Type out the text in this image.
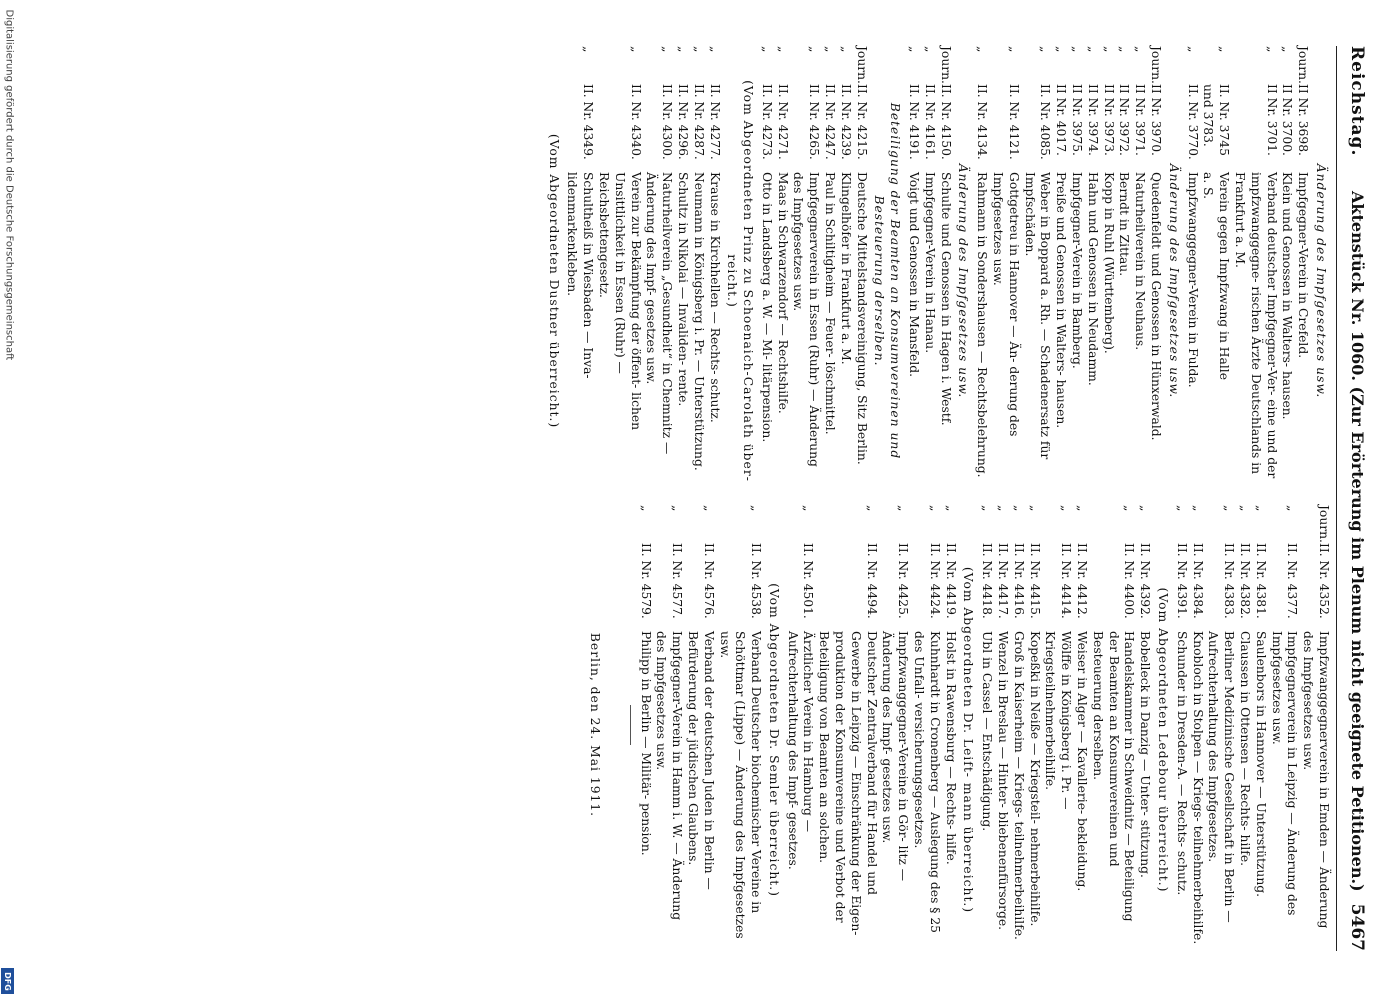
Reichstag.
Aktenstück Nr. 1060. (Zur Erörterung im Plenum nicht geeignete Petitionen.)
5467
Änderung des Impfgesetzes usw.
Journ.
II Nr. 3698.
Impfgegner-Verein in Crefeld.
„
II Nr. 3700.
Klein und Genossen in Walters- hausen.
„
II Nr. 3701.
Verband deutscher Impfgegner-Ver- eine und der impfzwanggegne- rischen Ärzte Deutschlands in Frankfurt a. M.
„
II. Nr. 3745
Verein gegen Impfzwang in Halle
und 3783.
a. S.
„
II. Nr. 3770.
Impfzwanggegner-Verein in Fulda.
Änderung des Impfgesetzes usw.
Journ.
II Nr. 3970.
Quedenfeldt und Genossen in Hünxerwald.
„
II Nr. 3971.
Naturheilverein in Neuhaus.
„
II Nr. 3972.
Berndt in Zittau.
„
II Nr. 3973.
Kopp in Ruhl (Württemberg).
„
II Nr. 3974.
Hahn und Genossen in Neudamm.
„
II Nr. 3975.
Impfgegner-Verein in Bamberg.
„
II Nr. 4017.
Preiße und Genossen in Walters- hausen.
„
II. Nr. 4085.
Weber in Boppard a. Rh. — Schadenersatz für Impfschäden.
„
II. Nr. 4121.
Gottgetreu in Hannover — Än- derung des Impfgesetzes usw.
„
II. Nr. 4134.
Rahmann in Sondershausen — Rechtsbelehrung.
Änderung des Impfgesetzes usw.
Journ.
II. Nr. 4150.
Schulte und Genossen in Hagen i. Westf.
„
II. Nr. 4161.
Impfgegner-Verein in Hanau.
„
II. Nr. 4191.
Voigt und Genossen in Mansfeld.
Beteiligung der Beamten an Konsumvereinen und Besteuerung derselben.
Journ.
II. Nr. 4215.
Deutsche Mittelstandsvereinigung, Sitz Berlin.
„
II. Nr. 4239.
Klingelhöfer in Frankfurt a. M.
„
II. Nr. 4247.
Paul in Schiltigheim — Feuer- löschmittel.
„
II. Nr. 4265.
Impfgegnerverein in Essen (Ruhr) — Änderung des Impfgesetzes usw.
„
II. Nr. 4271.
Maas in Schwarzendorf — Rechtshilfe.
„
II. Nr. 4273.
Otto in Landsberg a. W. — Mi- litärpension.
(Vom Abgeordneten Prinz zu Schoenaich-Carolath über- reicht.)
„
II. Nr. 4277.
Krause in Kirchhellen — Rechts- schutz.
„
II. Nr. 4287.
Neumann in Königsberg i. Pr. — Unterstützung.
„
II. Nr. 4296.
Schultz in Nikolai — Invaliden- rente.
„
II. Nr. 4300.
Naturheilverein „Gesundheit“ in Chemnitz — Änderung des Impf- gesetzes usw.
„
II. Nr. 4340.
Verein zur Bekämpfung der öffent- lichen Unsittlichkeit in Essen (Ruhr) — Reichsbettengesetz.
„
II. Nr. 4349.
Schultheiß in Wiesbaden — Inva- lidenmarkenkleben.
(Vom Abgeordneten Dustner überreicht.)
Journ.
II. Nr. 4352.
Impfzwanggegnerverein in Emden — Änderung des Impfgesetzes usw.
„
II. Nr. 4377.
Impfgegnerverein in Leipzig — Änderung des Impfgesetzes usw.
„
II. Nr. 4381.
Saulenbors in Hannover — Unterstützung.
„
II. Nr. 4382.
Claussen in Ottensen — Rechts- hilfe.
„
II. Nr. 4383.
Berliner Medizinische Gesellschaft in Berlin — Aufrechterhaltung des Impfgesetzes.
„
II. Nr. 4384.
Knobloch in Stolpen — Kriegs- teilnehmerbeihilfe.
„
II. Nr. 4391.
Schunder in Dresden-A. — Rechts- schutz.
(Vom Abgeordneten Ledebour überreicht.)
„
II. Nr. 4392.
Bobelleck in Danzig — Unter- stützung.
„
II. Nr. 4400.
Handelskammer in Schweidnitz — Beteiligung der Beamten an Konsumvereinen und Besteuerung derselben.
„
II. Nr. 4412.
Weiser in Alger — Kavallerie- bekleidung.
„
II. Nr. 4414.
Wölffe in Königsberg i. Pr. — Kriegsteilnehmerbeihilfe.
„
II. Nr. 4415.
Kopeßki in Neiße — Kriegsteil- nehmerbeihilfe.
„
II. Nr. 4416.
Groß in Kaiserheim — Kriegs- teilnehmerbeihilfe.
„
II. Nr. 4417.
Wenzel in Breslau — Hinter- bliebenenfürsorge.
„
II. Nr. 4418.
Ubl in Cassel — Entschädigung.
(Vom Abgeordneten Dr. Leift- mann überreicht.)
„
II. Nr. 4419.
Holst in Rawensburg — Rechts- hilfe.
„
II. Nr. 4424.
Kuhnhardt in Cronenberg — Auslegung des § 25 des Unfall- versicherungsgesetzes.
„
II. Nr. 4425.
Impfzwanggegner-Vereine in Gör- litz — Änderung des Impf- gesetzes usw.
„
II. Nr. 4494.
Deutscher Zentralverband für Handel und Gewerbe in Leipzig — Einschränkung der Eigen- produktion der Konsumvereine und Verbot der Beteiligung von Beamten an solchen.
„
II. Nr. 4501.
Ärztlicher Verein in Hamburg — Aufrechterhaltung des Impf- gesetzes.
(Vom Abgeordneten Dr. Semler überreicht.)
„
II. Nr. 4538.
Verband Deutscher biochemischer Vereine in Schöttmar (Lippe) — Änderung des Impfgesetzes usw.
„
II. Nr. 4576.
Verband der deutschen Juden in Berlin — Befürderung der jüdischen Glaubens.
„
II. Nr. 4577.
Impfgegner-Verein in Hamm i. W. — Änderung des Impfgesetzes usw.
„
II. Nr. 4579.
Philipp in Berlin — Militär- pension.
Berlin, den 24. Mai 1911.
Digitalisierung gefördert durch die Deutsche Forschungsgemeinschaft
DFG
